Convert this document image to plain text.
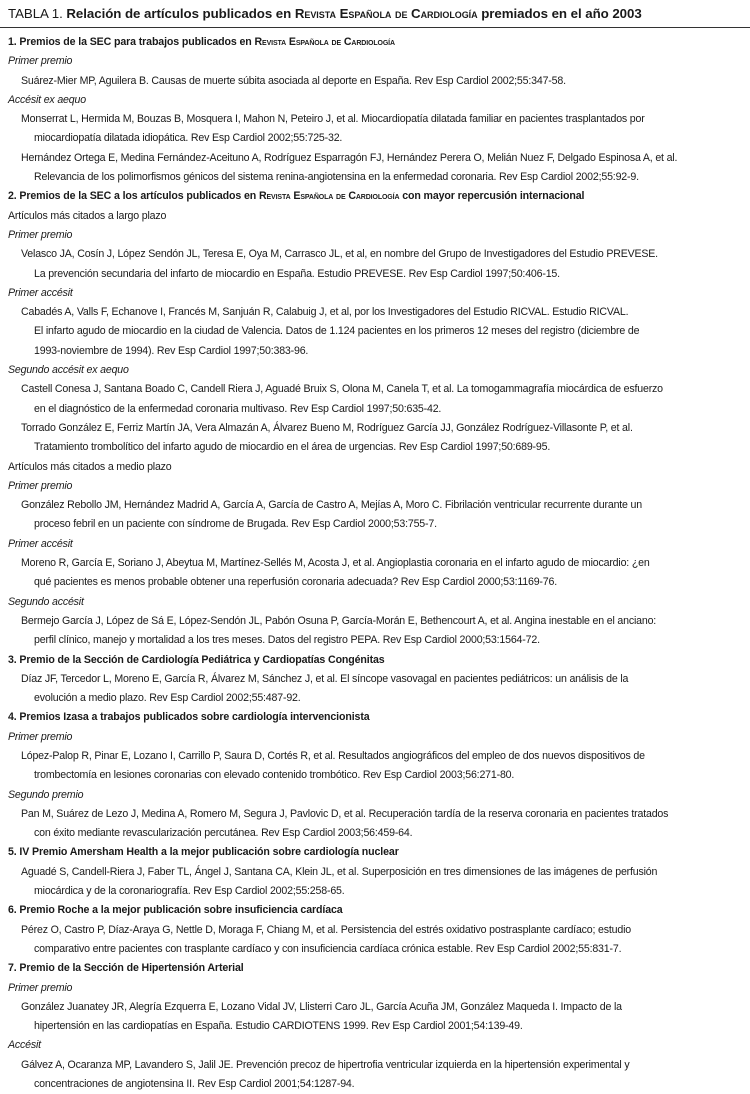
TABLA 1. Relación de artículos publicados en Revista Española de Cardiología premiados en el año 2003
1. Premios de la SEC para trabajos publicados en Revista Española de Cardiología
Primer premio
Suárez-Mier MP, Aguilera B. Causas de muerte súbita asociada al deporte en España. Rev Esp Cardiol 2002;55:347-58.
Accésit ex aequo
Monserrat L, Hermida M, Bouzas B, Mosquera I, Mahon N, Peteiro J, et al. Miocardiopatía dilatada familiar en pacientes trasplantados por
miocardiopatía dilatada idiopática. Rev Esp Cardiol 2002;55:725-32.
Hernández Ortega E, Medina Fernández-Aceituno A, Rodríguez Esparragón FJ, Hernández Perera O, Melián Nuez F, Delgado Espinosa A, et al.
Relevancia de los polimorfismos génicos del sistema renina-angiotensina en la enfermedad coronaria. Rev Esp Cardiol 2002;55:92-9.
2. Premios de la SEC a los artículos publicados en Revista Española de Cardiología con mayor repercusión internacional
Artículos más citados a largo plazo
Primer premio
Velasco JA, Cosín J, López Sendón JL, Teresa E, Oya M, Carrasco JL, et al, en nombre del Grupo de Investigadores del Estudio PREVESE.
La prevención secundaria del infarto de miocardio en España. Estudio PREVESE. Rev Esp Cardiol 1997;50:406-15.
Primer accésit
Cabadés A, Valls F, Echanove I, Francés M, Sanjuán R, Calabuig J, et al, por los Investigadores del Estudio RICVAL. Estudio RICVAL.
El infarto agudo de miocardio en la ciudad de Valencia. Datos de 1.124 pacientes en los primeros 12 meses del registro (diciembre de
1993-noviembre de 1994). Rev Esp Cardiol 1997;50:383-96.
Segundo accésit ex aequo
Castell Conesa J, Santana Boado C, Candell Riera J, Aguadé Bruix S, Olona M, Canela T, et al. La tomogammagrafía miocárdica de esfuerzo
en el diagnóstico de la enfermedad coronaria multivaso. Rev Esp Cardiol 1997;50:635-42.
Torrado González E, Ferriz Martín JA, Vera Almazán A, Álvarez Bueno M, Rodríguez García JJ, González Rodríguez-Villasonte P, et al.
Tratamiento trombolítico del infarto agudo de miocardio en el área de urgencias. Rev Esp Cardiol 1997;50:689-95.
Artículos más citados a medio plazo
Primer premio
González Rebollo JM, Hernández Madrid A, García A, García de Castro A, Mejías A, Moro C. Fibrilación ventricular recurrente durante un
proceso febril en un paciente con síndrome de Brugada. Rev Esp Cardiol 2000;53:755-7.
Primer accésit
Moreno R, García E, Soriano J, Abeytua M, Martínez-Sellés M, Acosta J, et al. Angioplastia coronaria en el infarto agudo de miocardio: ¿en
qué pacientes es menos probable obtener una reperfusión coronaria adecuada? Rev Esp Cardiol 2000;53:1169-76.
Segundo accésit
Bermejo García J, López de Sá E, López-Sendón JL, Pabón Osuna P, García-Morán E, Bethencourt A, et al. Angina inestable en el anciano:
perfil clínico, manejo y mortalidad a los tres meses. Datos del registro PEPA. Rev Esp Cardiol 2000;53:1564-72.
3. Premio de la Sección de Cardiología Pediátrica y Cardiopatías Congénitas
Díaz JF, Tercedor L, Moreno E, García R, Álvarez M, Sánchez J, et al. El síncope vasovagal en pacientes pediátricos: un análisis de la
evolución a medio plazo. Rev Esp Cardiol 2002;55:487-92.
4. Premios Izasa a trabajos publicados sobre cardiología intervencionista
Primer premio
López-Palop R, Pinar E, Lozano I, Carrillo P, Saura D, Cortés R, et al. Resultados angiográficos del empleo de dos nuevos dispositivos de
trombectomía en lesiones coronarias con elevado contenido trombótico. Rev Esp Cardiol 2003;56:271-80.
Segundo premio
Pan M, Suárez de Lezo J, Medina A, Romero M, Segura J, Pavlovic D, et al. Recuperación tardía de la reserva coronaria en pacientes tratados
con éxito mediante revascularización percutánea. Rev Esp Cardiol 2003;56:459-64.
5. IV Premio Amersham Health a la mejor publicación sobre cardiología nuclear
Aguadé S, Candell-Riera J, Faber TL, Ángel J, Santana CA, Klein JL, et al. Superposición en tres dimensiones de las imágenes de perfusión
miocárdica y de la coronariografía. Rev Esp Cardiol 2002;55:258-65.
6. Premio Roche a la mejor publicación sobre insuficiencia cardíaca
Pérez O, Castro P, Díaz-Araya G, Nettle D, Moraga F, Chiang M, et al. Persistencia del estrés oxidativo postrasplante cardíaco; estudio
comparativo entre pacientes con trasplante cardíaco y con insuficiencia cardíaca crónica estable. Rev Esp Cardiol 2002;55:831-7.
7. Premio de la Sección de Hipertensión Arterial
Primer premio
González Juanatey JR, Alegría Ezquerra E, Lozano Vidal JV, Llisterri Caro JL, García Acuña JM, González Maqueda I. Impacto de la
hipertensión en las cardiopatías en España. Estudio CARDIOTENS 1999. Rev Esp Cardiol 2001;54:139-49.
Accésit
Gálvez A, Ocaranza MP, Lavandero S, Jalil JE. Prevención precoz de hipertrofia ventricular izquierda en la hipertensión experimental y
concentraciones de angiotensina II. Rev Esp Cardiol 2001;54:1287-94.
